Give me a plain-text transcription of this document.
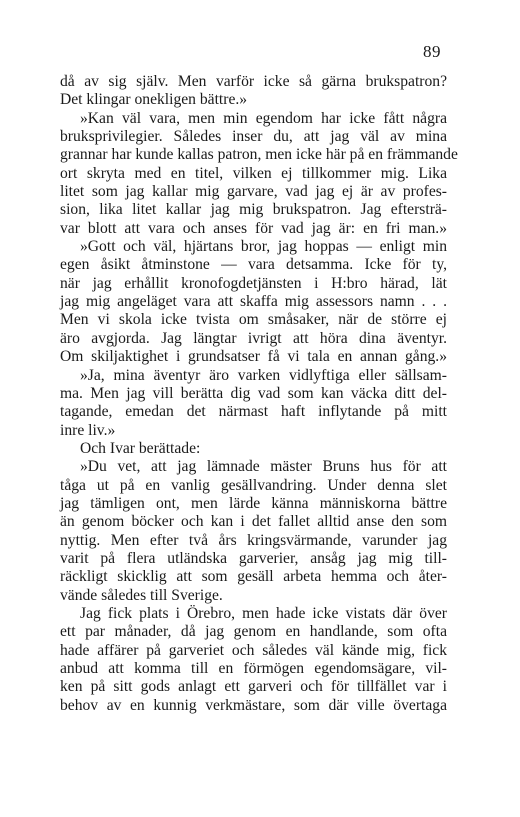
89
då av sig själv. Men varför icke så gärna brukspatron?
Det klingar onekligen bättre.»
»Kan väl vara, men min egendom har icke fått några
bruksprivilegier. Således inser du, att jag väl av mina
grannar har kunde kallas patron, men icke här på en främmande
ort skryta med en titel, vilken ej tillkommer mig. Lika
litet som jag kallar mig garvare, vad jag ej är av profes-
sion, lika litet kallar jag mig brukspatron. Jag eftersträ-
var blott att vara och anses för vad jag är: en fri man.»
»Gott och väl, hjärtans bror, jag hoppas — enligt min
egen åsikt åtminstone — vara detsamma. Icke för ty,
när jag erhållit kronofogdetjänsten i H:bro härad, lät
jag mig angeläget vara att skaffa mig assessors namn . . .
Men vi skola icke tvista om småsaker, när de större ej
äro avgjorda. Jag längtar ivrigt att höra dina äventyr.
Om skiljaktighet i grundsatser få vi tala en annan gång.»
»Ja, mina äventyr äro varken vidlyftiga eller sällsam-
ma. Men jag vill berätta dig vad som kan väcka ditt del-
tagande, emedan det närmast haft inflytande på mitt
inre liv.»
Och Ivar berättade:
»Du vet, att jag lämnade mäster Bruns hus för att
tåga ut på en vanlig gesällvandring. Under denna slet
jag tämligen ont, men lärde känna människorna bättre
än genom böcker och kan i det fallet alltid anse den som
nyttig. Men efter två års kringsvärmande, varunder jag
varit på flera utländska garverier, ansåg jag mig till-
räckligt skicklig att som gesäll arbeta hemma och åter-
vände således till Sverige.
Jag fick plats i Örebro, men hade icke vistats där över
ett par månader, då jag genom en handlande, som ofta
hade affärer på garveriet och således väl kände mig, fick
anbud att komma till en förmögen egendomsägare, vil-
ken på sitt gods anlagt ett garveri och för tillfället var i
behov av en kunnig verkmästare, som där ville övertaga
